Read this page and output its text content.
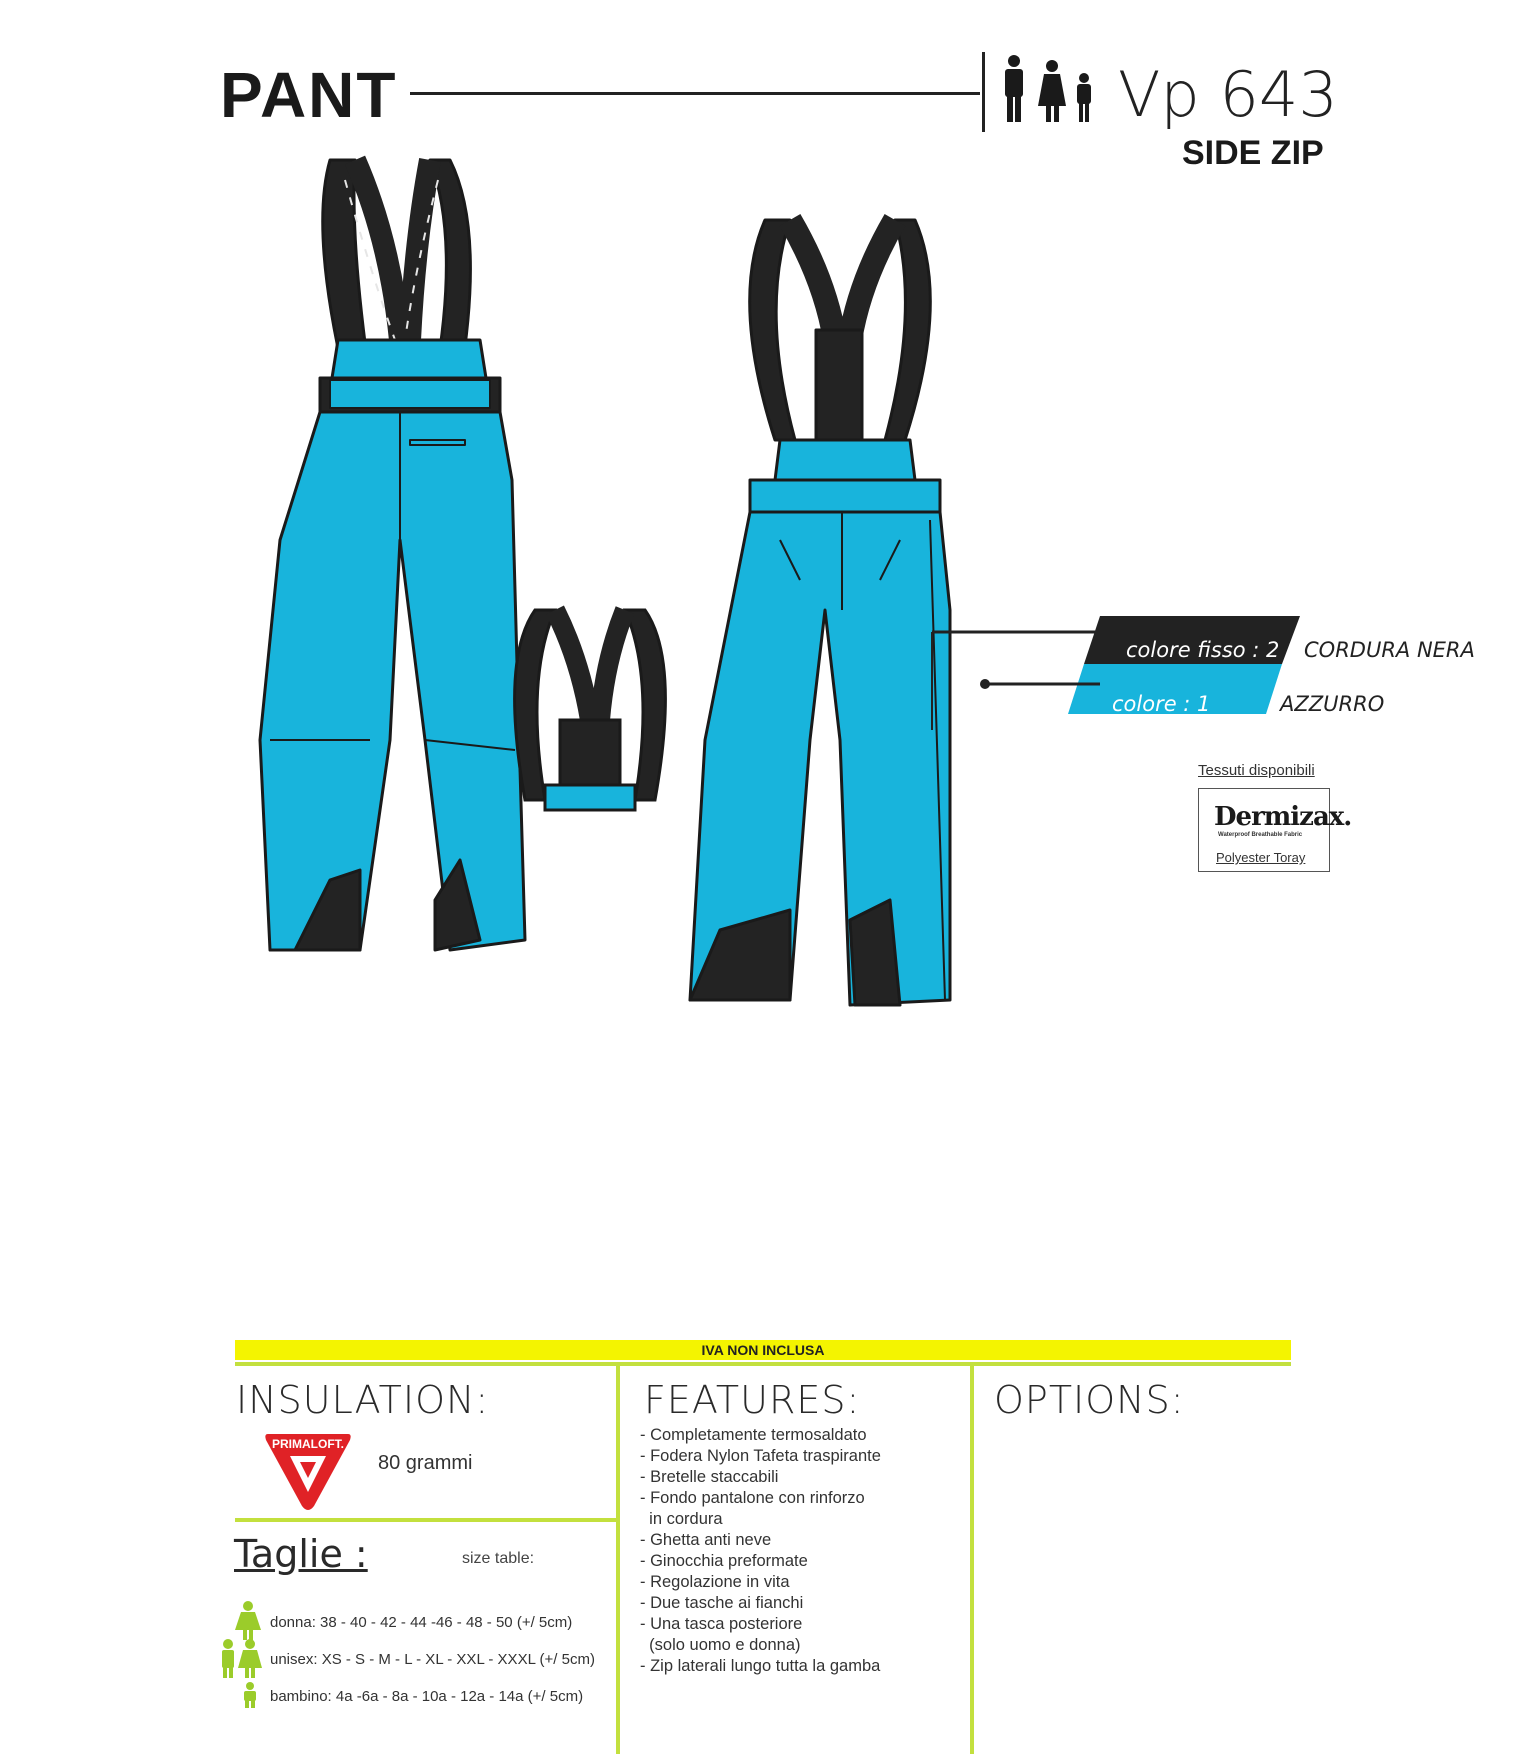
PANT	Vp 643
SIDE ZIP
colore fisso : 2 CORDURA NERA
colore : 1	AZZURRO
Tessuti disponibili
Dermizax.
Waterproof Breathable Fabric
Polyester Toray
IVA NON INCLUSA
INSULATION:
PRIMALOFT.
80 grammi
Taglie :	size table:
donna: 38 - 40 - 42 - 44 -46 - 48 - 50 (+/ 5cm)
unisex: XS - S - M - L - XL - XXL - XXXL (+/ 5cm)
bambino: 4a -6a - 8a - 10a - 12a - 14a (+/ 5cm)
FEATURES:
- Completamente termosaldato
- Fodera Nylon Tafeta traspirante
- Bretelle staccabili
- Fondo pantalone con rinforzo
in cordura
- Ghetta anti neve
- Ginocchia preformate
- Regolazione in vita
- Due tasche ai fianchi
- Una tasca posteriore
(solo uomo e donna)
- Zip laterali lungo tutta la gamba
OPTIONS:
